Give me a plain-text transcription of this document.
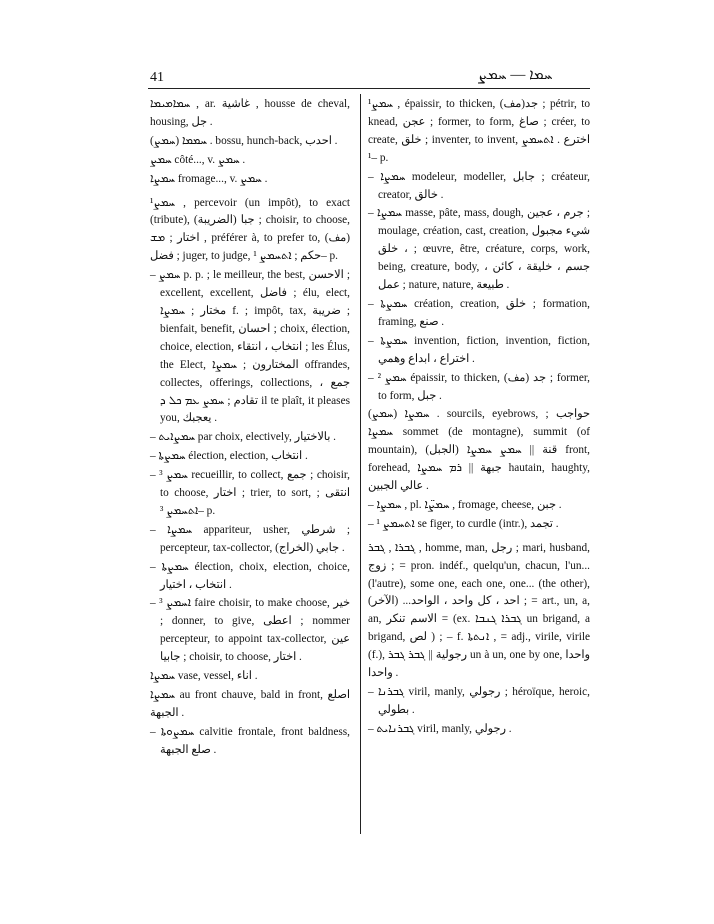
41	ܚܡܐ — ܚܡܨ

ܚܡܐܡܝܡܐ , ar. غاشية , housse de cheval, housing, جل .

(ܚܡܨ) ܚܡܡܐ . bossu, hunch-back, احدب .

ܚܡܨ côté..., v. ܚܡܨ .

ܚܡܨܐ fromage..., v. ܚܡܨ .

¹ܚܡܨ , percevoir (un impôt), to exact (tribute), (الضريبة) جبا ; choisir, to choose, اختار ; ܡܫ , préférer à, to prefer to, (مف) فضل ; juger, to judge, حكم ; ܐܬܚܡܨ ¹– p.

– ܚܡܨ p. p. ; le meilleur, the best, الاحسن ; excellent, excellent, فاضل ; élu, elect, مختار ; ܚܡܨܐ f. ; impôt, tax, ضريبة ; bienfait, benefit, احسان ; choix, élection, choice, election, انتخاب ، انتقاء ; les Élus, the Elect, المختارون ; ܚܡܨܐ offrandes, collectes, offerings, collections, جمع ، تقادم ; ܚܡܨ ܥܡ ܟܠ ܕ il te plaît, it pleases you, يعجبك .

– ܚܡܨܐܝܬ par choix, electively, بالاختيار .

– ܚܡܨܬܐ élection, election, انتخاب .

– ܚܡܨ ³ recueillir, to collect, جمع ; choisir, to choose, اختار ; trier, to sort, انتقى ; ܐܬܚܡܨ ³– p.

– ܚܡܨܐ appariteur, usher, شرطي ; percepteur, tax-collector, (الخراج) جابي .

– ܚܡܨܬܐ élection, choix, election, choice, انتخاب ، اختيار .

– ܐܚܡܨ ³ faire choisir, to make choose, خير ; donner, to give, اعطى ; nommer percepteur, to appoint tax-collector, عين جابيا ; choisir, to choose, اختار .

ܚܡܨܐ vase, vessel, اناء .

ܚܡܨܐ au front chauve, bald in front, اصلع الجبهة .

– ܚܡܨܘܬܐ calvitie frontale, front baldness, صلع الجبهة .

¹ܚܡܨ , épaissir, to thicken, (مف)جد ; pétrir, to knead, عجن ; former, to form, صاغ ; créer, to create, خلق ; inventer, to invent, اخترع . ܐܬܚܡܨ ¹– p.

– ܚܡܨܐ modeleur, modeller, جابل ; créateur, creator, خالق .

– ܚܡܨܐ masse, pâte, mass, dough, جرم ، عجين ; moulage, création, cast, creation, شيء مجبول ، خلق ; œuvre, être, créature, corps, work, being, creature, body, جسم ، خليقة ، كائن ، عمل ; nature, nature, طبيعة .

– ܚܡܨܬܐ création, creation, خلق ; formation, framing, صنع .

– ܚܡܨܬܐ invention, fiction, invention, fiction, اختراع ، ابداع وهمي .

– ܚܡܨ ² épaissir, to thicken, (مف) جد ; former, to form, جبل .

(ܚܡܨ) ܚܡܨܐ . sourcils, eyebrows, حواجب ; ܚܡܨܐ sommet (de montagne), summit (of mountain), (الجبل) قنة || ܚܡܨ ܚܡܨܐ front, forehead, جبهة || ܪܡ ܚܡܨܐ hautain, haughty, عالي الجبين .

– ܚܡܨܐ , pl. ܚܡܨ̈ܐ , fromage, cheese, جبن .

– ܐܬܚܡܨ ¹ se figer, to curdle (intr.), تجمد .

ܓܒܪܐ , ܓܒܪ , homme, man, رجل ; mari, husband, زوج ; = pron. indéf., quelqu'un, chacun, l'un... (l'autre), some one, each one, one... (the other), احد ، كل واحد ، الواحد... (الآخر) ; = art., un, a, an, الاسم تنكر = (ex. ܓܒܪܐ ܓܢܒܐ un brigand, a brigand, لص ) ; – f. ܐܢܬܬܐ , = adj., virile, virile (f.), رجولية || ܓܒܪ ܓܒܪ un à un, one by one, واحدا واحدا .

– ܓܒܪܢܐ viril, manly, رجولي ; héroïque, heroic, بطولي .

– ܓܒܪܢܐܝܬ viril, manly, رجولي .
